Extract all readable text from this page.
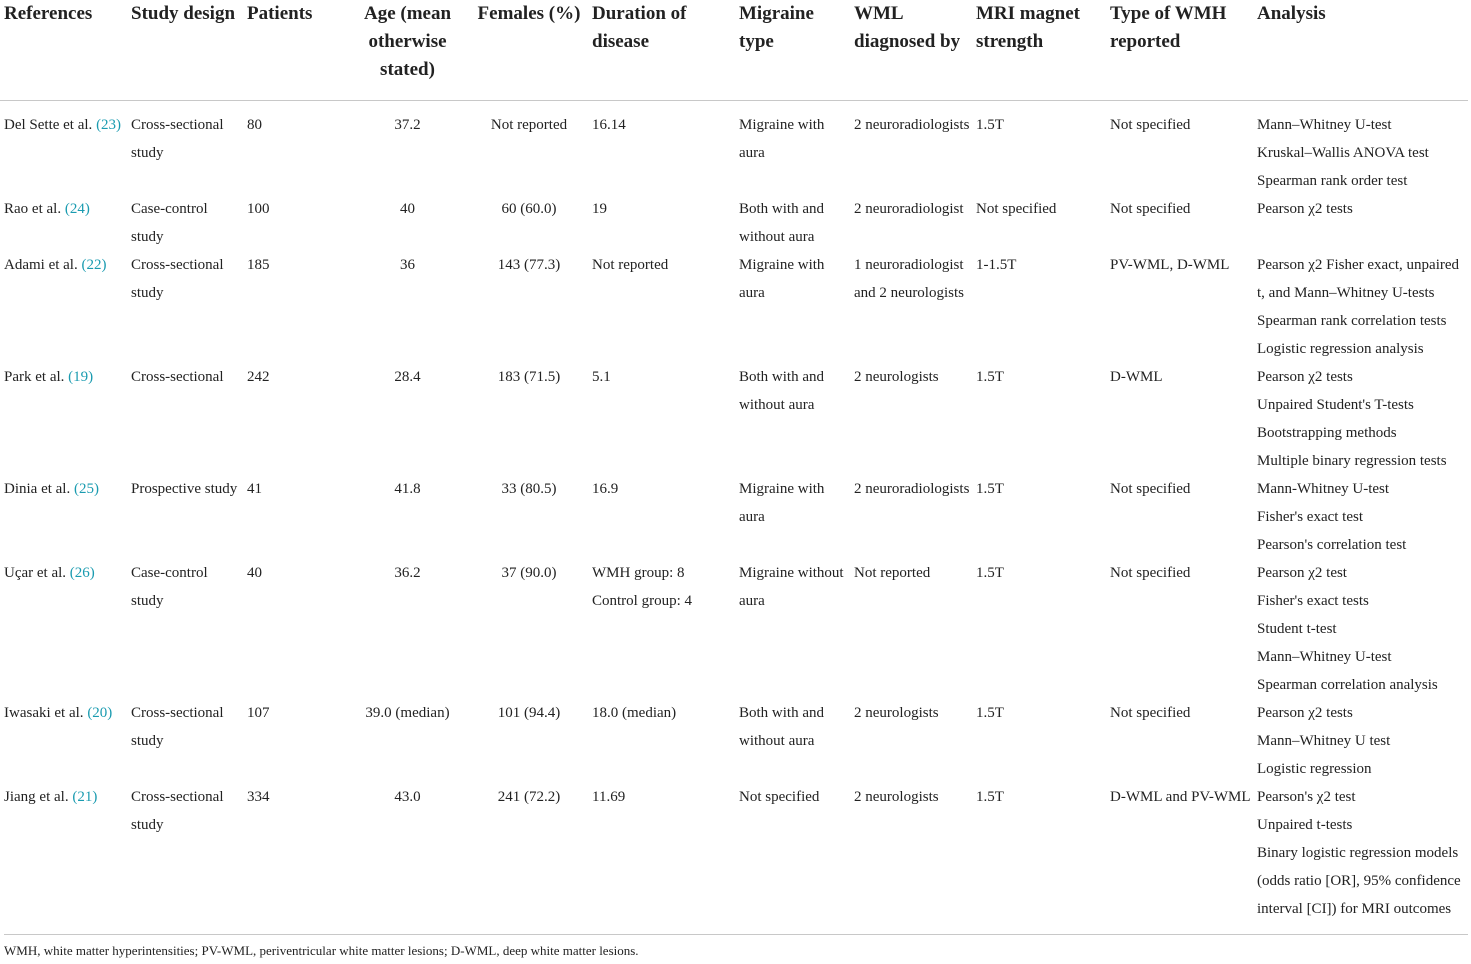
References	Study design	Patients	Age (mean otherwise stated)	Females (%)	Duration of disease	Migraine type	WML diagnosed by	MRI magnet strength	Type of WMH reported	Analysis
Del Sette et al. (23)	Cross-sectional study	80	37.2	Not reported	16.14	Migraine with aura	2 neuroradiologists	1.5T	Not specified	Mann–Whitney U-test
Kruskal–Wallis ANOVA test
Spearman rank order test

Rao et al. (24)	Case-control study	100	40	60 (60.0)	19	Both with and without aura	2 neuroradiologist	Not specified	Not specified	Pearson χ2 tests

Adami et al. (22)	Cross-sectional study	185	36	143 (77.3)	Not reported	Migraine with aura	1 neuroradiologist and 2 neurologists	1-1.5T	PV-WML, D-WML	Pearson χ2 Fisher exact, unpaired t, and Mann–Whitney U-tests
Spearman rank correlation tests
Logistic regression analysis

Park et al. (19)	Cross-sectional	242	28.4	183 (71.5)	5.1	Both with and without aura	2 neurologists	1.5T	D-WML	Pearson χ2 tests
Unpaired Student's T-tests
Bootstrapping methods
Multiple binary regression tests

Dinia et al. (25)	Prospective study	41	41.8	33 (80.5)	16.9	Migraine with aura	2 neuroradiologists	1.5T	Not specified	Mann-Whitney U-test
Fisher's exact test
Pearson's correlation test

Uçar et al. (26)	Case-control study	40	36.2	37 (90.0)	WMH group: 8
Control group: 4	Migraine without aura	Not reported	1.5T	Not specified	Pearson χ2 test
Fisher's exact tests
Student t-test
Mann–Whitney U-test
Spearman correlation analysis

Iwasaki et al. (20)	Cross-sectional study	107	39.0 (median)	101 (94.4)	18.0 (median)	Both with and without aura	2 neurologists	1.5T	Not specified	Pearson χ2 tests
Mann–Whitney U test
Logistic regression

Jiang et al. (21)	Cross-sectional study	334	43.0	241 (72.2)	11.69	Not specified	2 neurologists	1.5T	D-WML and PV-WML	Pearson's χ2 test
Unpaired t-tests
Binary logistic regression models (odds ratio [OR], 95% confidence interval [CI]) for MRI outcomes
WMH, white matter hyperintensities; PV-WML, periventricular white matter lesions; D-WML, deep white matter lesions.
